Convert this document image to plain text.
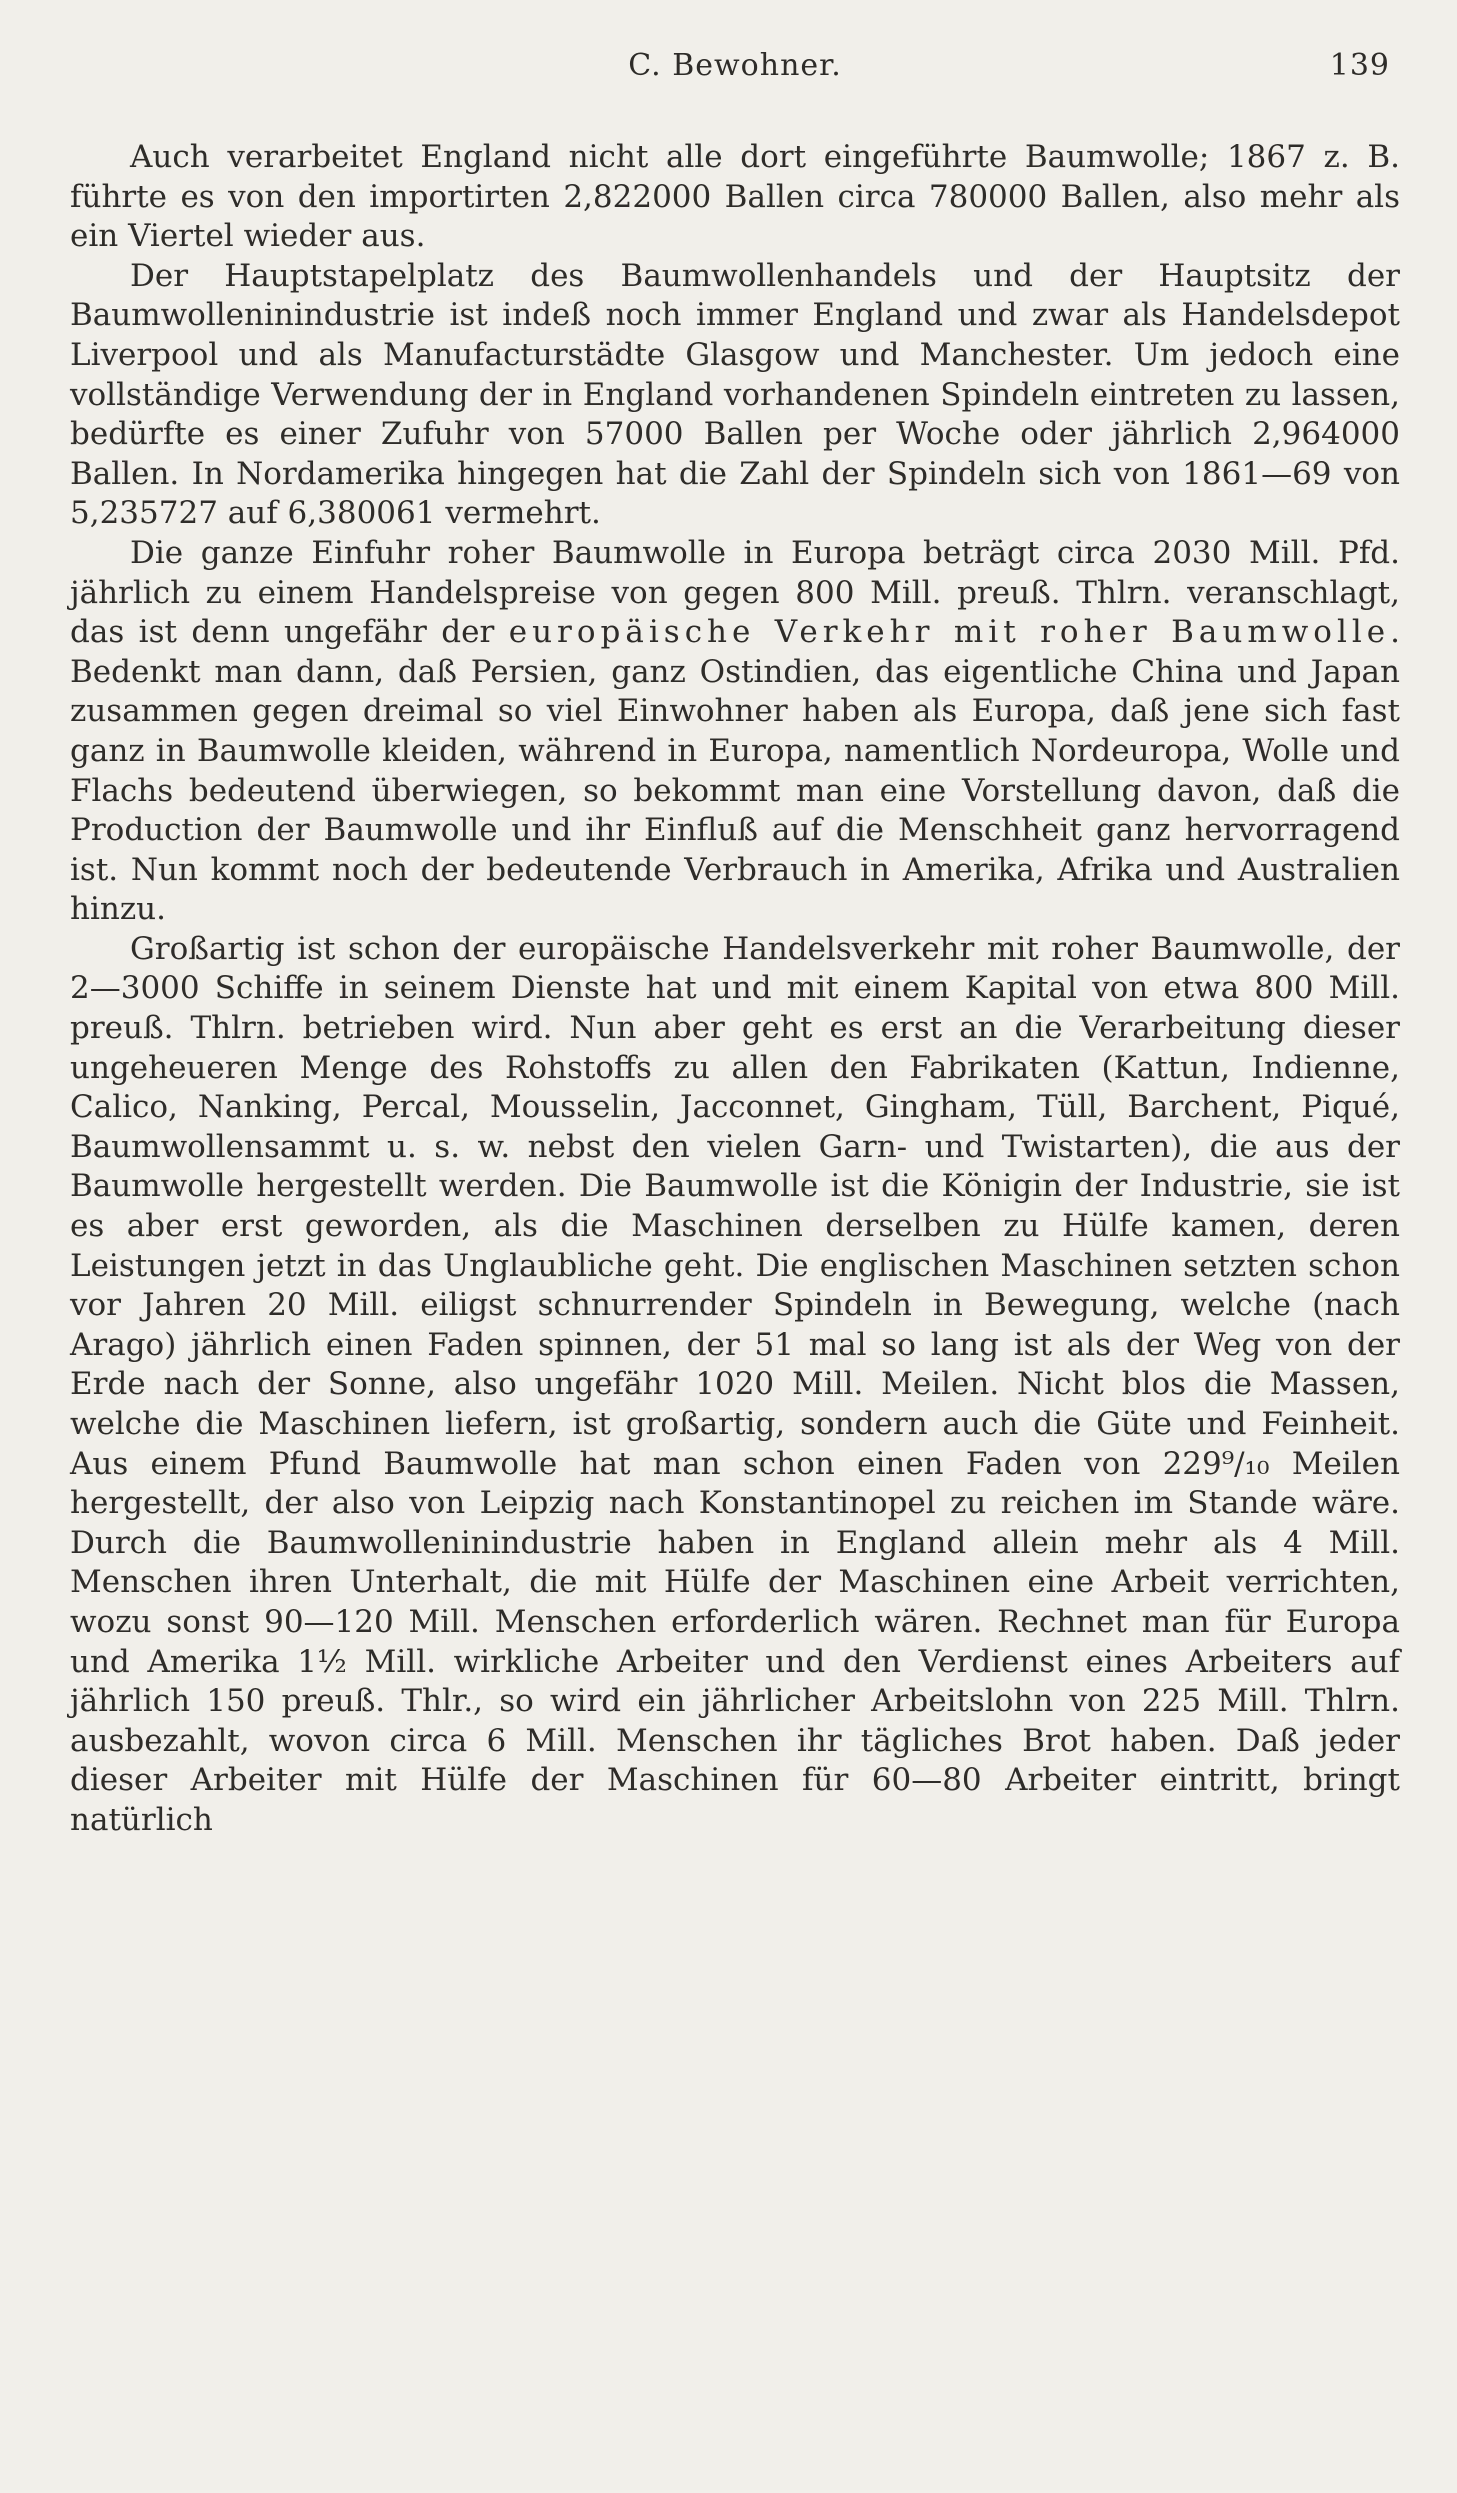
C. Bewohner.	139

Auch verarbeitet England nicht alle dort eingeführte Baumwolle; 1867 z. B. führte es von den importirten 2,822000 Ballen circa 780000 Ballen, also mehr als ein Viertel wieder aus.

Der Hauptstapelplatz des Baumwollenhandels und der Hauptsitz der Baumwolleninindustrie ist indeß noch immer England und zwar als Handelsdepot Liverpool und als Manufacturstädte Glasgow und Manchester. Um jedoch eine vollständige Verwendung der in England vorhandenen Spindeln eintreten zu lassen, bedürfte es einer Zufuhr von 57000 Ballen per Woche oder jährlich 2,964000 Ballen. In Nordamerika hingegen hat die Zahl der Spindeln sich von 1861—69 von 5,235727 auf 6,380061 vermehrt.

Die ganze Einfuhr roher Baumwolle in Europa beträgt circa 2030 Mill. Pfd. jährlich zu einem Handelspreise von gegen 800 Mill. preuß. Thlrn. veranschlagt, das ist denn ungefähr der europäische Verkehr mit roher Baumwolle. Bedenkt man dann, daß Persien, ganz Ostindien, das eigentliche China und Japan zusammen gegen dreimal so viel Einwohner haben als Europa, daß jene sich fast ganz in Baumwolle kleiden, während in Europa, namentlich Nordeuropa, Wolle und Flachs bedeutend überwiegen, so bekommt man eine Vorstellung davon, daß die Production der Baumwolle und ihr Einfluß auf die Menschheit ganz hervorragend ist. Nun kommt noch der bedeutende Verbrauch in Amerika, Afrika und Australien hinzu.

Großartig ist schon der europäische Handelsverkehr mit roher Baumwolle, der 2—3000 Schiffe in seinem Dienste hat und mit einem Kapital von etwa 800 Mill. preuß. Thlrn. betrieben wird. Nun aber geht es erst an die Verarbeitung dieser ungeheueren Menge des Rohstoffs zu allen den Fabrikaten (Kattun, Indienne, Calico, Nanking, Percal, Mousselin, Jacconnet, Gingham, Tüll, Barchent, Piqué, Baumwollensammt u. s. w. nebst den vielen Garn- und Twistarten), die aus der Baumwolle hergestellt werden. Die Baumwolle ist die Königin der Industrie, sie ist es aber erst geworden, als die Maschinen derselben zu Hülfe kamen, deren Leistungen jetzt in das Unglaubliche geht. Die englischen Maschinen setzten schon vor Jahren 20 Mill. eiligst schnurrender Spindeln in Bewegung, welche (nach Arago) jährlich einen Faden spinnen, der 51 mal so lang ist als der Weg von der Erde nach der Sonne, also ungefähr 1020 Mill. Meilen. Nicht blos die Massen, welche die Maschinen liefern, ist großartig, sondern auch die Güte und Feinheit. Aus einem Pfund Baumwolle hat man schon einen Faden von 229⁹/₁₀ Meilen hergestellt, der also von Leipzig nach Konstantinopel zu reichen im Stande wäre. Durch die Baumwolleninindustrie haben in England allein mehr als 4 Mill. Menschen ihren Unterhalt, die mit Hülfe der Maschinen eine Arbeit verrichten, wozu sonst 90—120 Mill. Menschen erforderlich wären. Rechnet man für Europa und Amerika 1½ Mill. wirkliche Arbeiter und den Verdienst eines Arbeiters auf jährlich 150 preuß. Thlr., so wird ein jährlicher Arbeitslohn von 225 Mill. Thlrn. ausbezahlt, wovon circa 6 Mill. Menschen ihr tägliches Brot haben. Daß jeder dieser Arbeiter mit Hülfe der Maschinen für 60—80 Arbeiter eintritt, bringt natürlich
